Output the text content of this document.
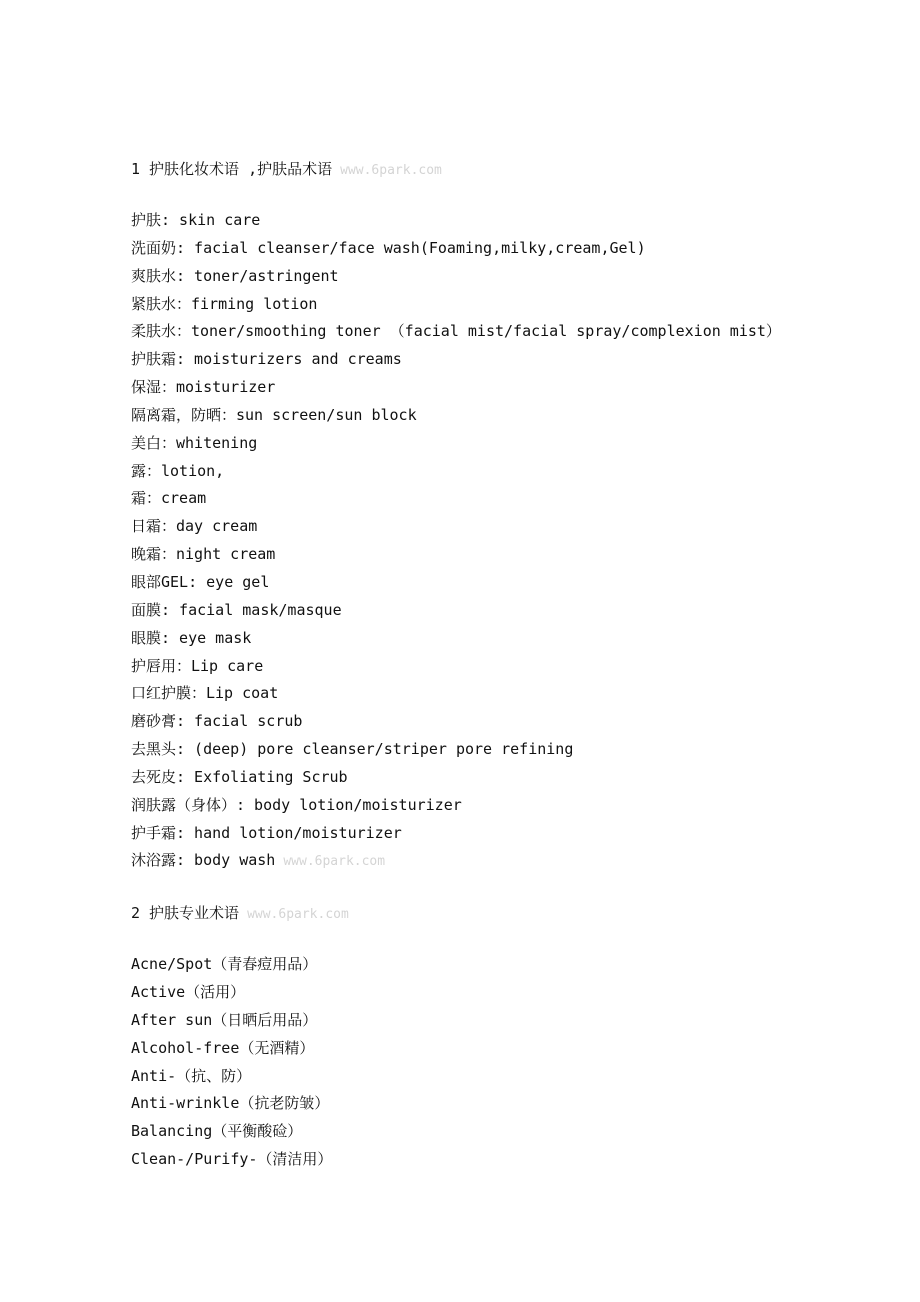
1 护肤化妆术语 ,护肤品术语 www.6park.com
护肤: skin care
洗面奶: facial cleanser/face wash(Foaming,milky,cream,Gel)
爽肤水: toner/astringent
紧肤水：firming lotion
柔肤水：toner/smoothing toner （facial mist/facial spray/complexion mist）
护肤霜: moisturizers and creams
保湿：moisturizer
隔离霜，防晒：sun screen/sun block
美白：whitening
露：lotion,
霜：cream
日霜：day cream
晚霜：night cream
眼部GEL: eye gel
面膜: facial mask/masque
眼膜: eye mask
护唇用：Lip care
口红护膜：Lip coat
磨砂膏: facial scrub
去黑头: (deep) pore cleanser/striper pore refining
去死皮: Exfoliating Scrub
润肤露（身体）: body lotion/moisturizer
护手霜: hand lotion/moisturizer
沐浴露: body wash www.6park.com
2 护肤专业术语 www.6park.com
Acne/Spot（青春痘用品）
Active（活用）
After sun（日晒后用品）
Alcohol-free（无酒精）
Anti-（抗、防）
Anti-wrinkle（抗老防皱）
Balancing（平衡酸硷）
Clean-/Purify-（清洁用）
